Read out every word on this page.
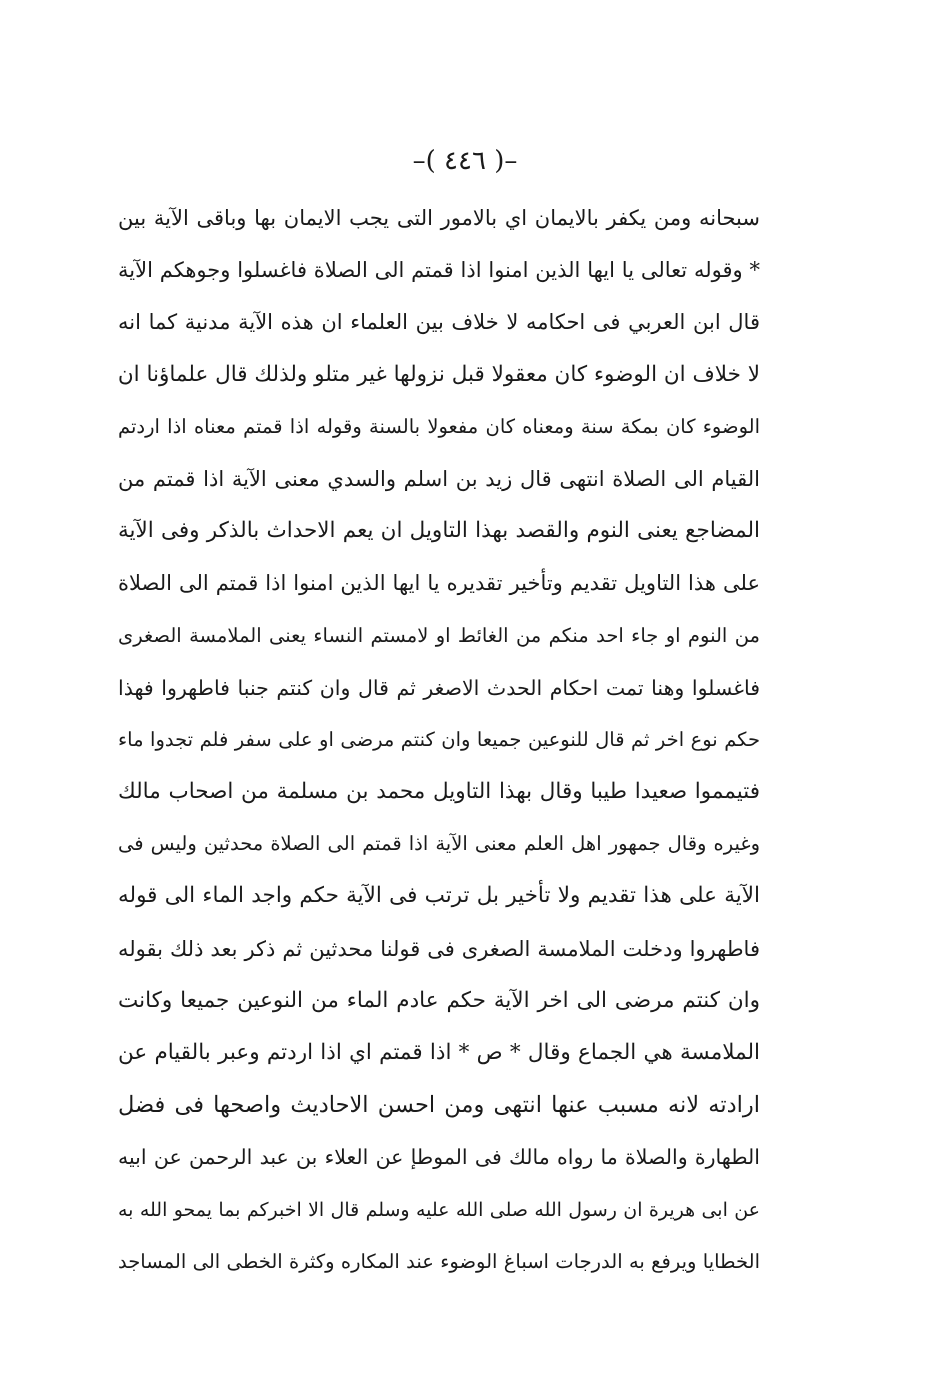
–( ٤٤٦ )–
سبحانه ومن يكفر بالايمان اي بالامور التى يجب الايمان بها وباقى الآية بين
* وقوله تعالى يا ايها الذين امنوا اذا قمتم الى الصلاة فاغسلوا وجوهكم الآية
قال ابن العربي فى احكامه لا خلاف بين العلماء ان هذه الآية مدنية كما انه
لا خلاف ان الوضوء كان معقولا قبل نزولها غير متلو ولذلك قال علماؤنا ان
الوضوء كان بمكة سنة ومعناه كان مفعولا بالسنة وقوله اذا قمتم معناه اذا اردتم
القيام الى الصلاة انتهى قال زيد بن اسلم والسدي معنى الآية اذا قمتم من
المضاجع يعنى النوم والقصد بهذا التاويل ان يعم الاحداث بالذكر وفى الآية
على هذا التاويل تقديم وتأخير تقديره يا ايها الذين امنوا اذا قمتم الى الصلاة
من النوم او جاء احد منكم من الغائط او لامستم النساء يعنى الملامسة الصغرى
فاغسلوا وهنا تمت احكام الحدث الاصغر ثم قال وان كنتم جنبا فاطهروا فهذا
حكم نوع اخر ثم قال للنوعين جميعا وان كنتم مرضى او على سفر فلم تجدوا ماء
فتيمموا صعيدا طيبا وقال بهذا التاويل محمد بن مسلمة من اصحاب مالك
وغيره وقال جمهور اهل العلم معنى الآية اذا قمتم الى الصلاة محدثين وليس فى
الآية على هذا تقديم ولا تأخير بل ترتب فى الآية حكم واجد الماء الى قوله
فاطهروا ودخلت الملامسة الصغرى فى قولنا محدثين ثم ذكر بعد ذلك بقوله
وان كنتم مرضى الى اخر الآية حكم عادم الماء من النوعين جميعا وكانت
الملامسة هي الجماع وقال * ص * اذا قمتم اي اذا اردتم وعبر بالقيام عن
ارادته لانه مسبب عنها انتهى ومن احسن الاحاديث واصحها فى فضل
الطهارة والصلاة ما رواه مالك فى الموطإ عن العلاء بن عبد الرحمن عن ابيه
عن ابى هريرة ان رسول الله صلى الله عليه وسلم قال الا اخبركم بما يمحو الله به
الخطايا ويرفع به الدرجات اسباغ الوضوء عند المكاره وكثرة الخطى الى المساجد
